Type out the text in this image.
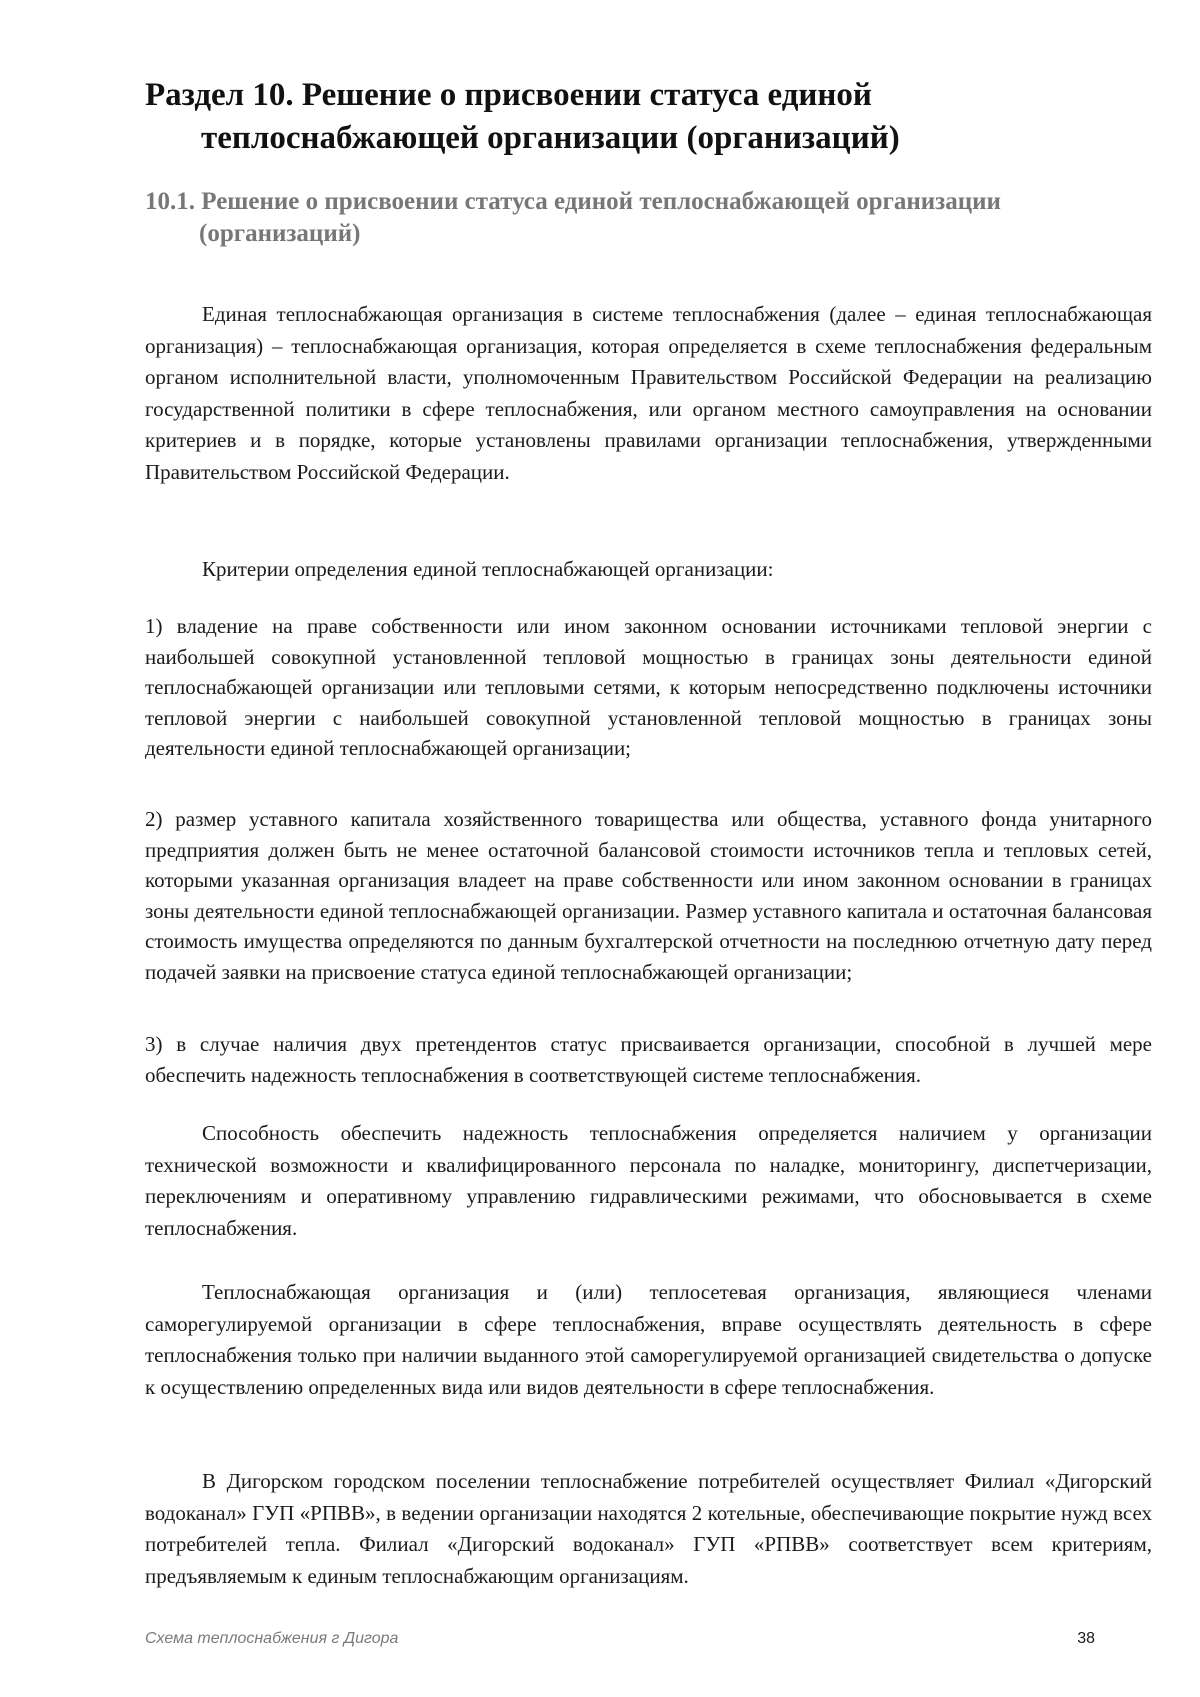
Раздел 10. Решение о присвоении статуса единой
теплоснабжающей организации (организаций)
10.1. Решение о присвоении статуса единой теплоснабжающей организации
(организаций)

Единая теплоснабжающая организация в системе теплоснабжения (далее – единая теплоснабжающая организация) – теплоснабжающая организация, которая определяется в схеме теплоснабжения федеральным органом исполнительной власти, уполномоченным Правительством Российской Федерации на реализацию государственной политики в сфере теплоснабжения, или органом местного самоуправления на основании критериев и в порядке, которые установлены правилами организации теплоснабжения, утвержденными Правительством Российской Федерации.

Критерии определения единой теплоснабжающей организации:

1) владение на праве собственности или ином законном основании источниками тепловой энергии с наибольшей совокупной установленной тепловой мощностью в границах зоны деятельности единой теплоснабжающей организации или тепловыми сетями, к которым непосредственно подключены источники тепловой энергии с наибольшей совокупной установленной тепловой мощностью в границах зоны деятельности единой теплоснабжающей организации;

2) размер уставного капитала хозяйственного товарищества или общества, уставного фонда унитарного предприятия должен быть не менее остаточной балансовой стоимости источников тепла и тепловых сетей, которыми указанная организация владеет на праве собственности или ином законном основании в границах зоны деятельности единой теплоснабжающей организации. Размер уставного капитала и остаточная балансовая стоимость имущества определяются по данным бухгалтерской отчетности на последнюю отчетную дату перед подачей заявки на присвоение статуса единой теплоснабжающей организации;

3) в случае наличия двух претендентов статус присваивается организации, способной в лучшей мере обеспечить надежность теплоснабжения в соответствующей системе теплоснабжения.

Способность обеспечить надежность теплоснабжения определяется наличием у организации технической возможности и квалифицированного персонала по наладке, мониторингу, диспетчеризации, переключениям и оперативному управлению гидравлическими режимами, что обосновывается в схеме теплоснабжения.

Теплоснабжающая организация и (или) теплосетевая организация, являющиеся членами саморегулируемой организации в сфере теплоснабжения, вправе осуществлять деятельность в сфере теплоснабжения только при наличии выданного этой саморегулируемой организацией свидетельства о допуске к осуществлению определенных вида или видов деятельности в сфере теплоснабжения.

В Дигорском городском поселении теплоснабжение потребителей осуществляет Филиал «Дигорский водоканал» ГУП «РПВВ», в ведении организации находятся 2 котельные, обеспечивающие покрытие нужд всех потребителей тепла. Филиал «Дигорский водоканал» ГУП «РПВВ» соответствует всем критериям, предъявляемым к единым теплоснабжающим организациям.

Схема теплоснабжения г Дигора	38
